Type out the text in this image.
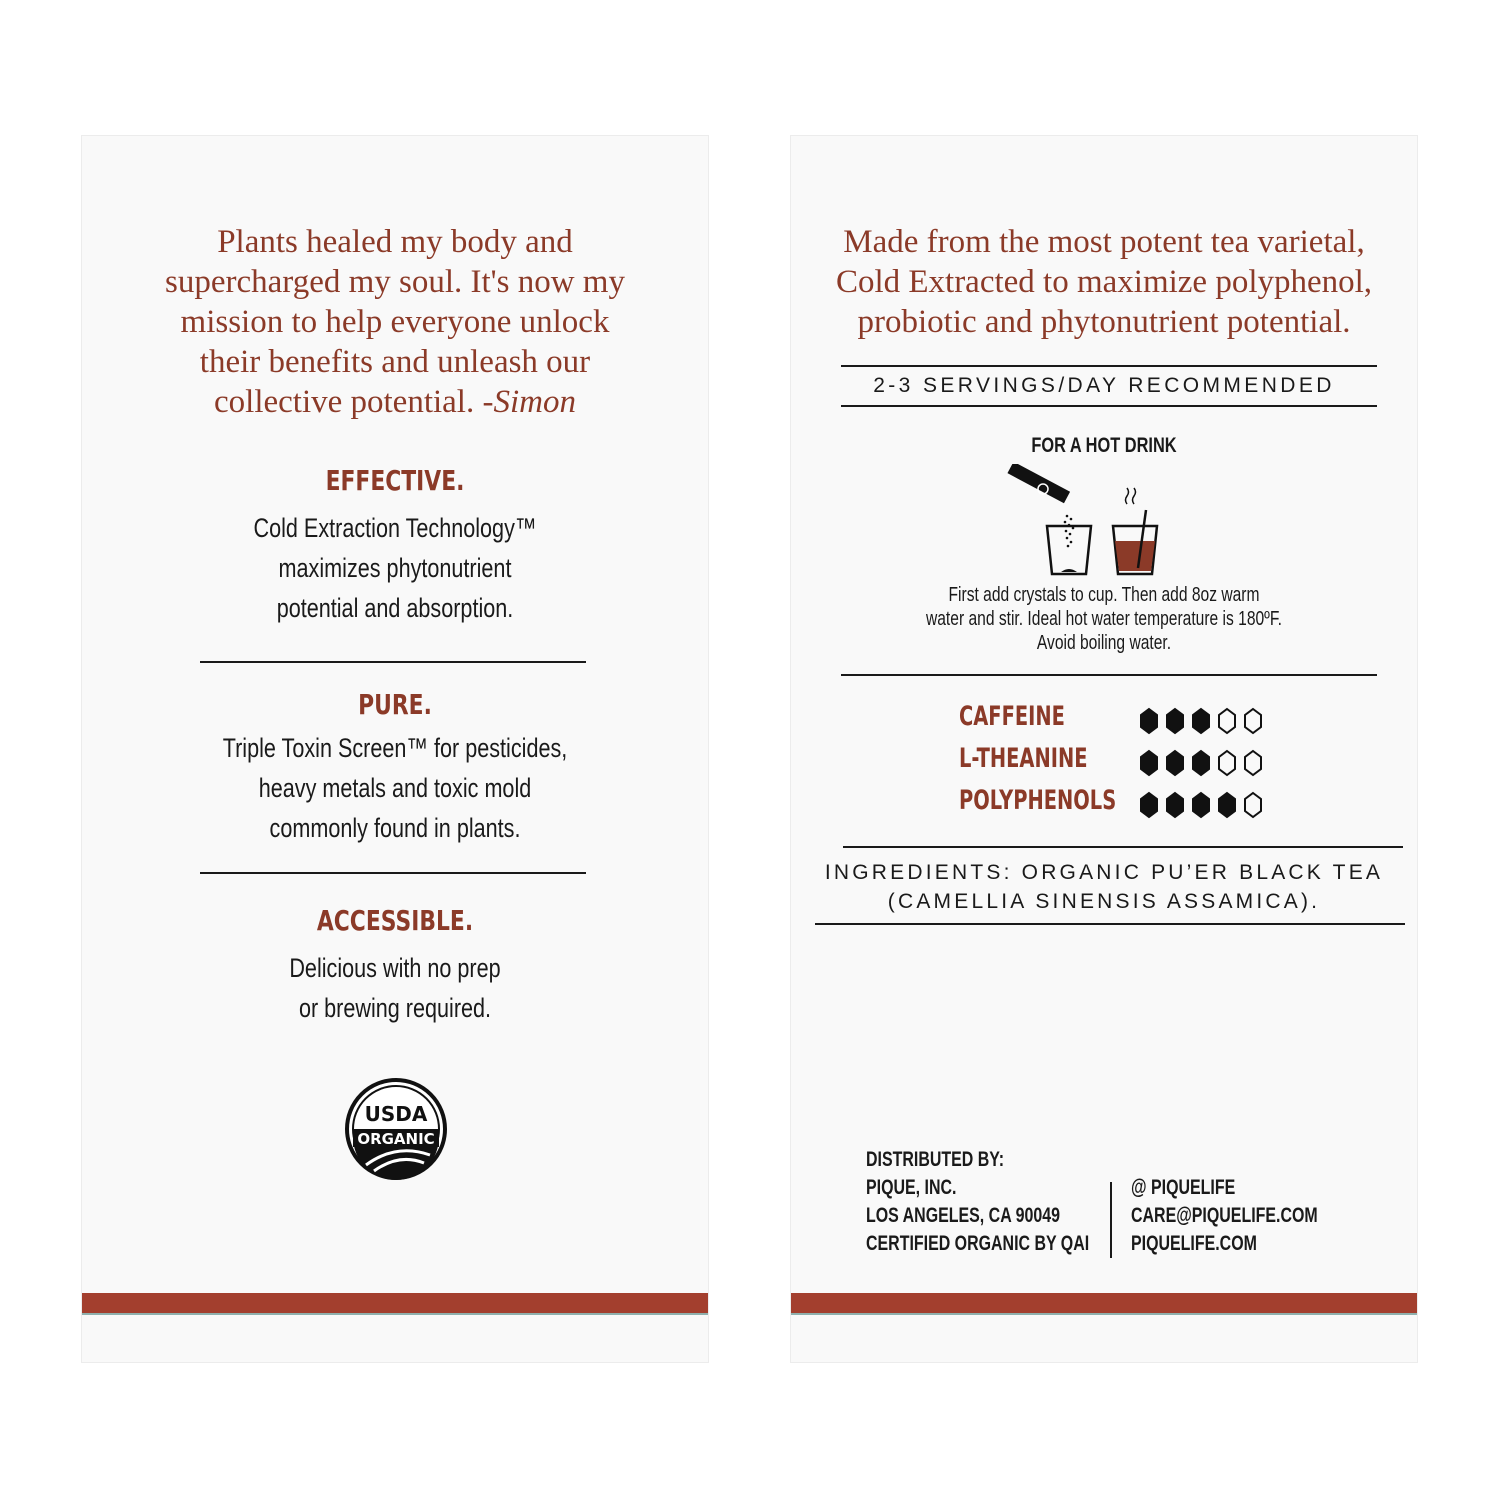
Plants healed my body and
supercharged my soul. It's now my
mission to help everyone unlock
their benefits and unleash our
collective potential. -Simon
EFFECTIVE.
Cold Extraction Technology™
maximizes phytonutrient
potential and absorption.
PURE.
Triple Toxin Screen™ for pesticides,
heavy metals and toxic mold
commonly found in plants.
ACCESSIBLE.
Delicious with no prep
or brewing required.
USDA
ORGANIC
Made from the most potent tea varietal,
Cold Extracted to maximize polyphenol,
probiotic and phytonutrient potential.
2-3 SERVINGS/DAY RECOMMENDED
FOR A HOT DRINK
First add crystals to cup. Then add 8oz warm
water and stir. Ideal hot water temperature is 180ºF.
Avoid boiling water.
CAFFEINE
L-THEANINE
POLYPHENOLS
INGREDIENTS: ORGANIC PU’ER BLACK TEA
(CAMELLIA SINENSIS ASSAMICA).
DISTRIBUTED BY:
PIQUE, INC.
LOS ANGELES, CA 90049
CERTIFIED ORGANIC BY QAI
@ PIQUELIFE
CARE@PIQUELIFE.COM
PIQUELIFE.COM
